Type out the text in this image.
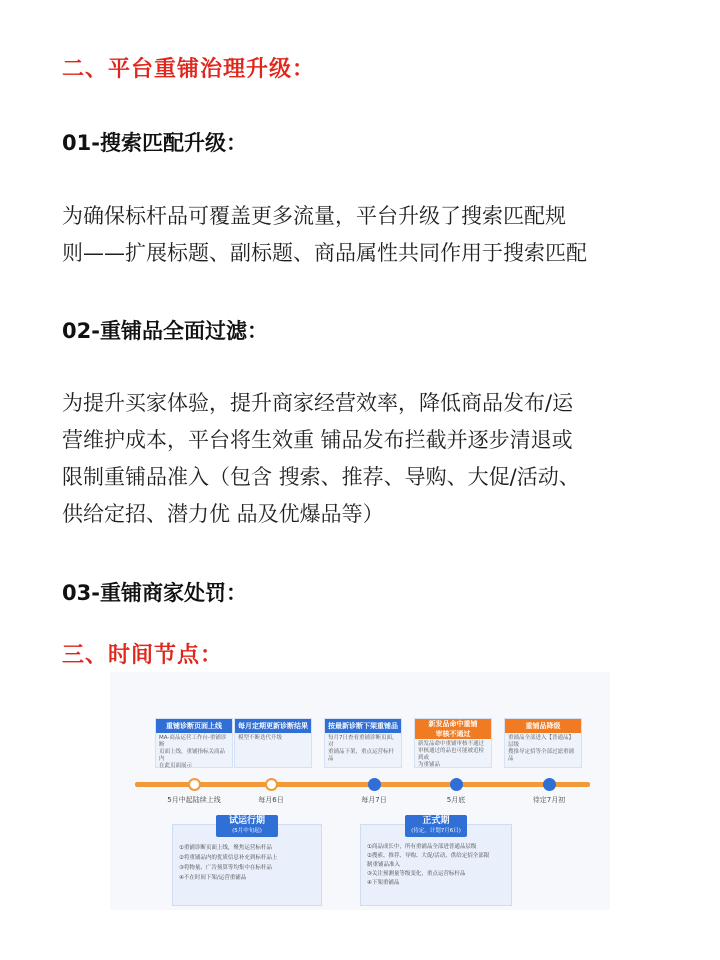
二、平台重铺治理升级：
01-搜索匹配升级：

为确保标杆品可覆盖更多流量，平台升级了搜索匹配规
则——扩展标题、副标题、商品属性共同作用于搜索匹配

02-重铺品全面过滤：

为提升买家体验，提升商家经营效率，降低商品发布/运
营维护成本，平台将生效重 铺品发布拦截并逐步清退或
限制重铺品准入（包含 搜索、推荐、导购、大促/活动、
供给定招、潜力优 品及优爆品等）

03-重铺商家处罚：
三、时间节点：
重铺诊断页面上线
MA-商品运营工作台-重铺诊断
页面上线，重铺指标关商品内
在此页面展示
每月定期更新诊断结果
模型不断迭代升级
按最新诊断下架重铺品
每月7日查看重铺诊断页面，对
重铺品下架，重点运营标杆品
新发品命中重铺
审核不通过
新发品命中重铺审核不通过
审核通过的品也可能被追检到或
为重铺品
重铺品降级
重铺品全部进入【普通品】层级
搜推导定招等全部过滤重铺品
5月中起陆续上线	每月6日	每月7日	5月底	待定7月初
试运行期
(5月中旬起)
①重铺诊断页面上线，聚焦运营标杆品
②将重铺品内的优质信息补充到标杆品上
③将物量、广告预算等均集中在标杆品
④不在时间下架/运营重铺品
正式期
(待定，计划7月6日)
①商品成长中，所有重铺品全部进普通品层级
②搜索、推荐、导购、大促/活动、供给定招全部限
制重铺品准入
③关注预测量等级变化，重点运营标杆品
④下架重铺品
